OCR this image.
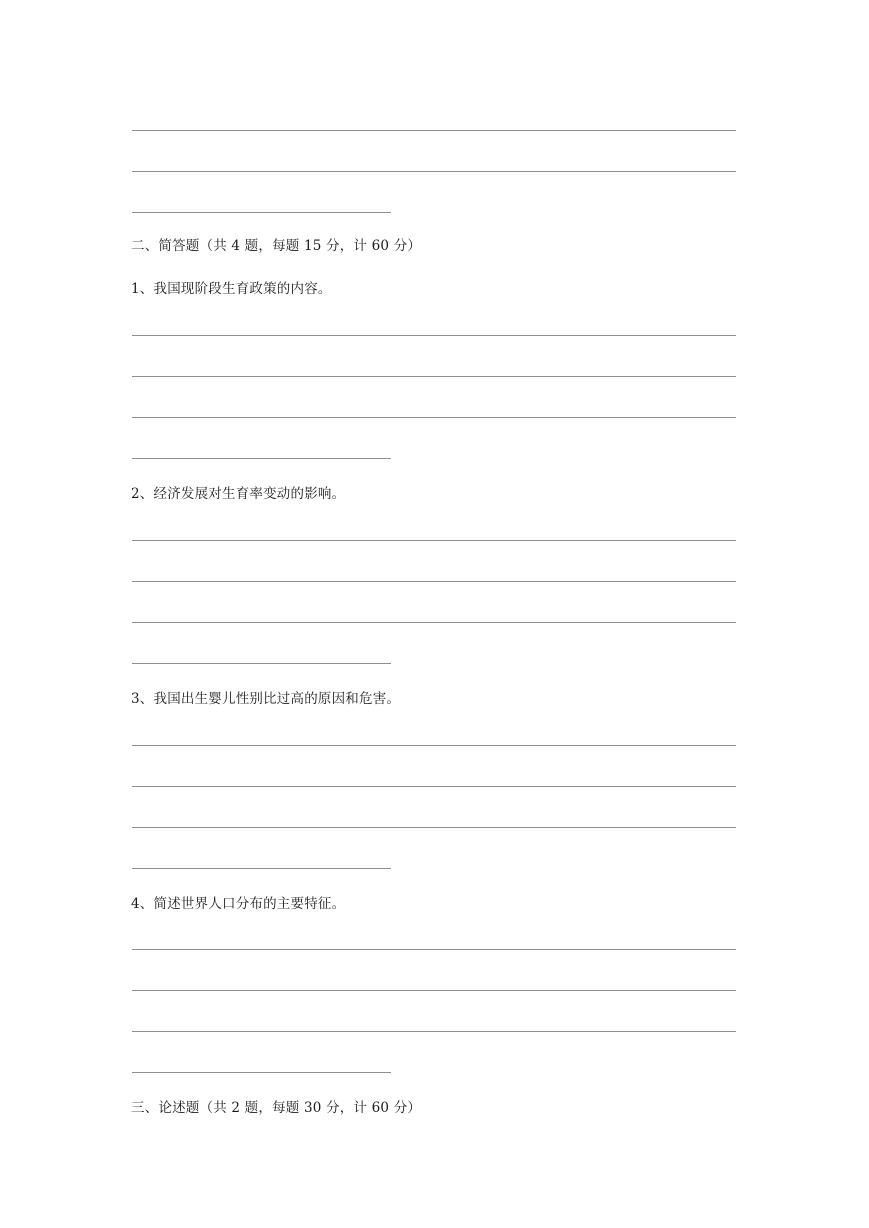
二、简答题（共 4 题，每题 15 分，计 60 分）
1、我国现阶段生育政策的内容。
2、经济发展对生育率变动的影响。
3、我国出生婴儿性别比过高的原因和危害。
4、简述世界人口分布的主要特征。
三、论述题（共 2 题，每题 30 分，计 60 分）
